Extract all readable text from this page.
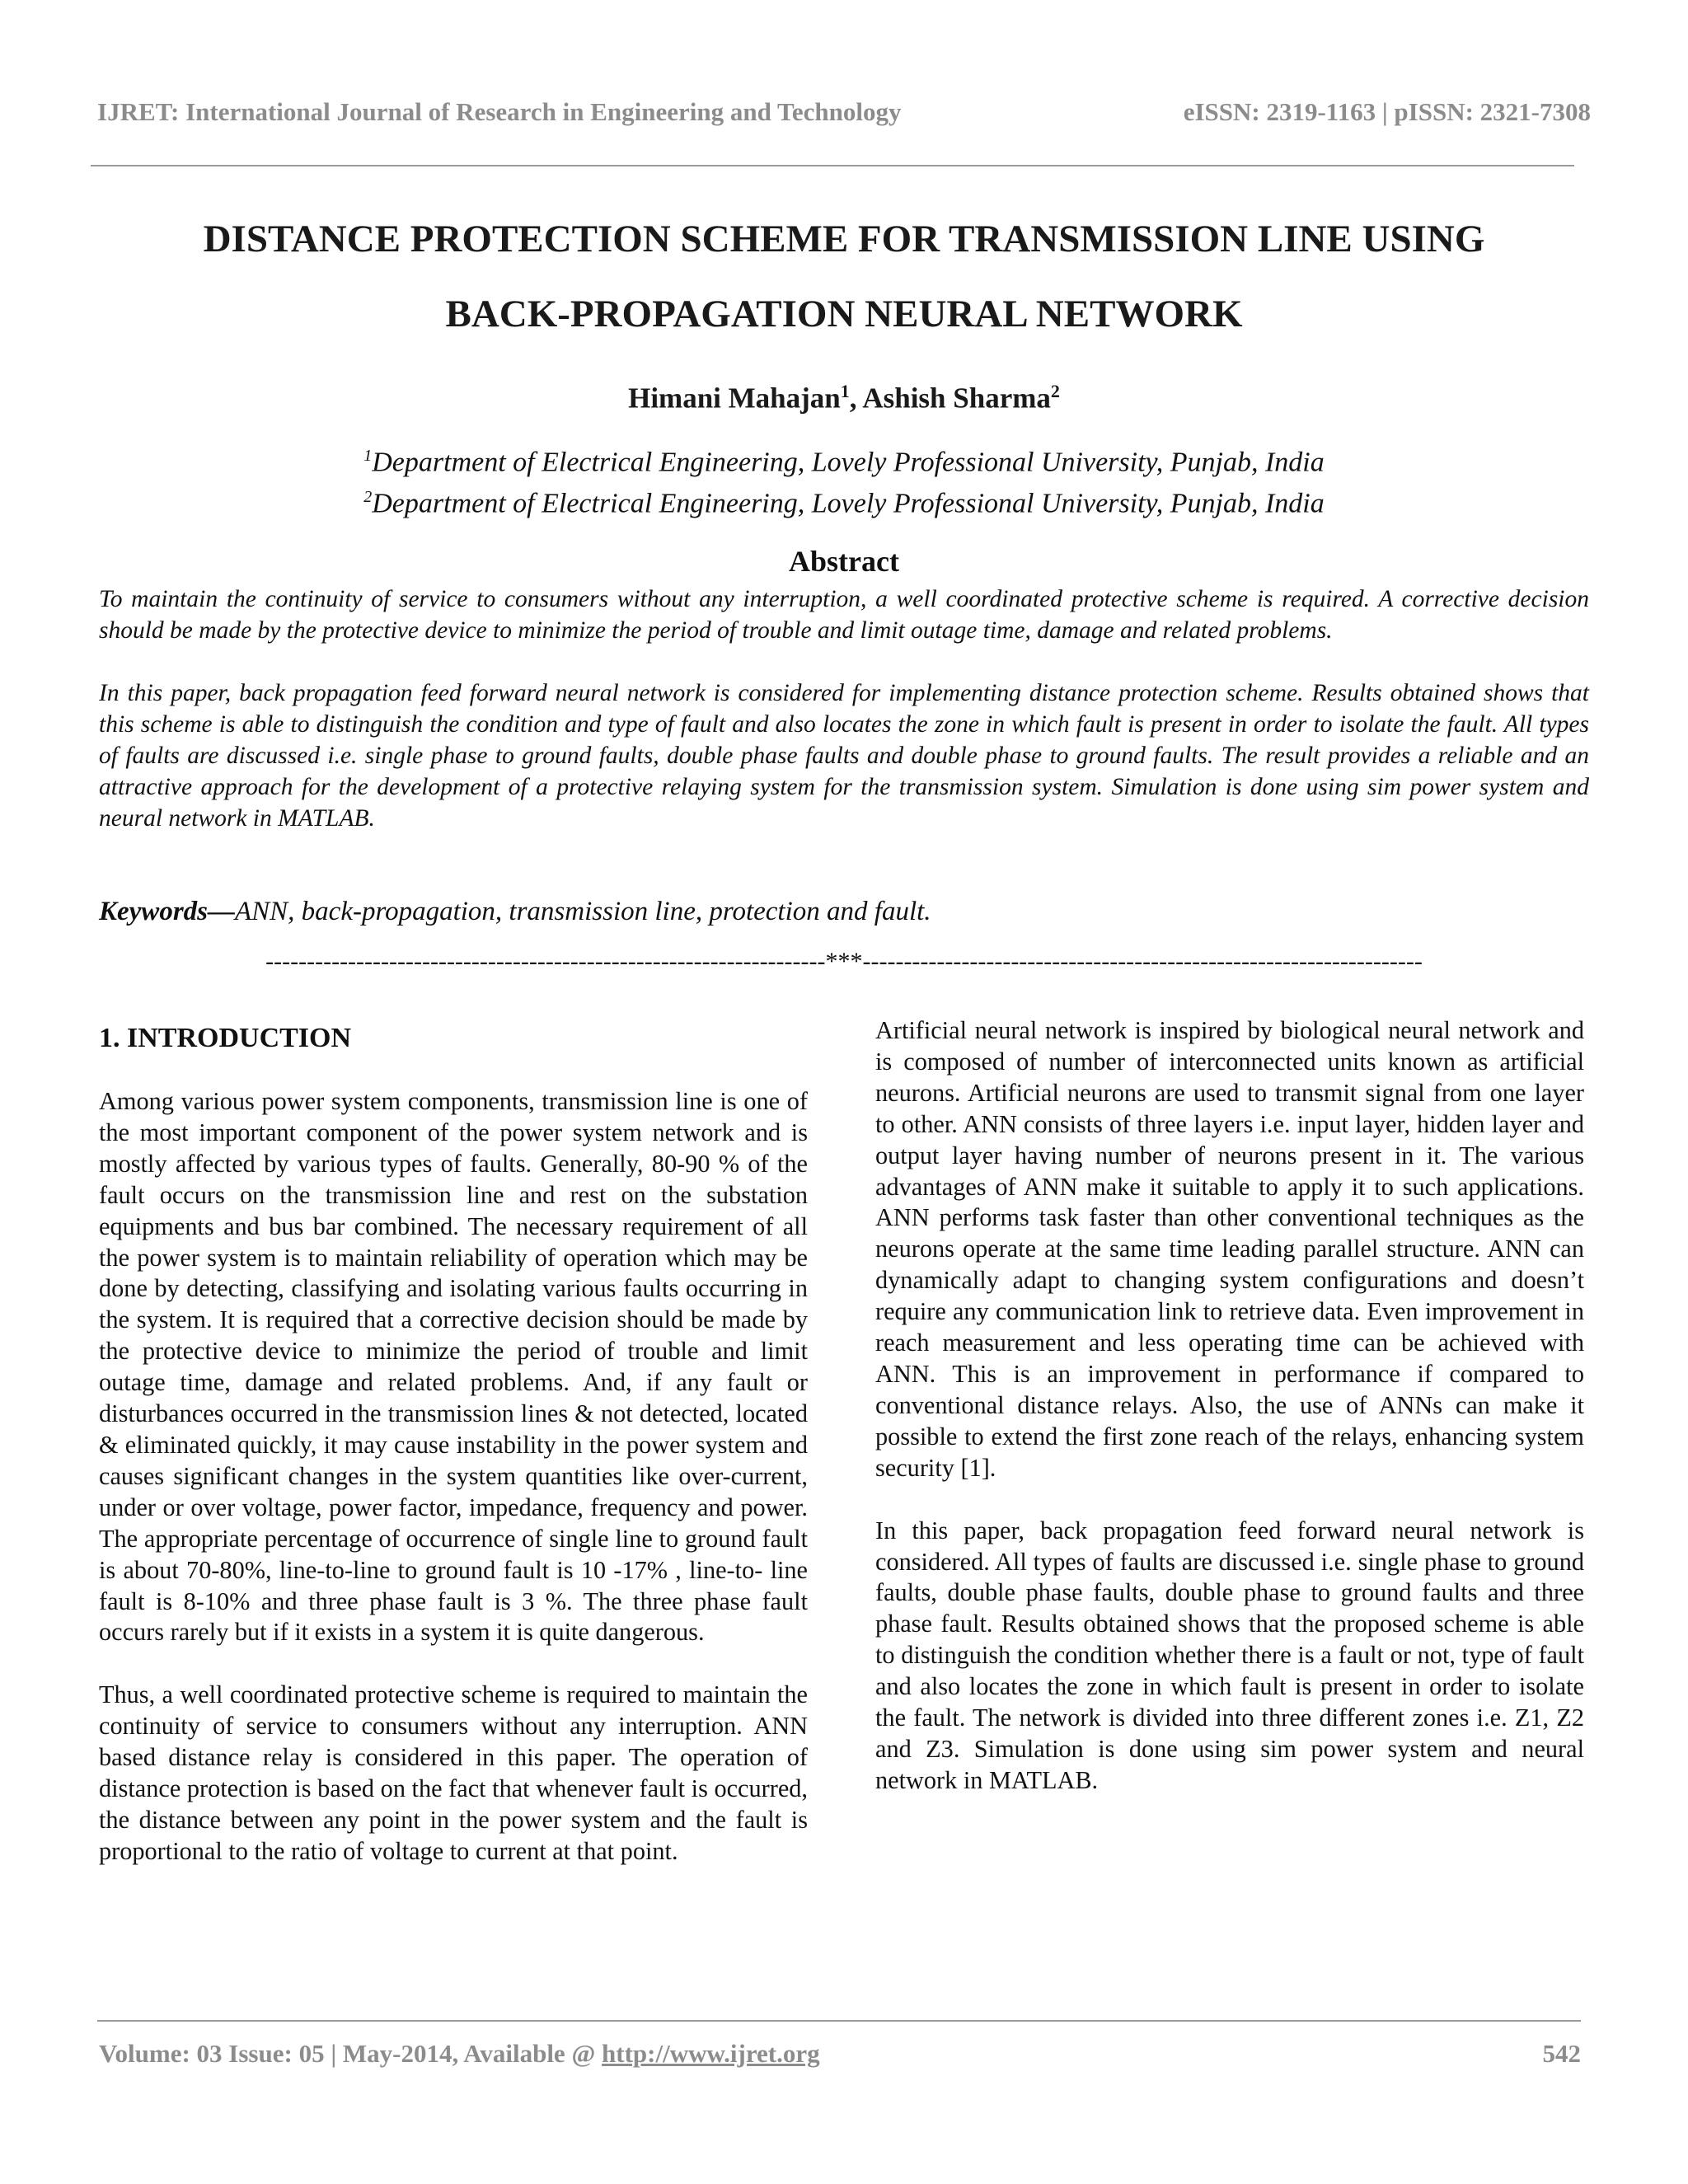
IJRET: International Journal of Research in Engineering and Technology	eISSN: 2319-1163 | pISSN: 2321-7308
DISTANCE PROTECTION SCHEME FOR TRANSMISSION LINE USING
BACK-PROPAGATION NEURAL NETWORK
Himani Mahajan$^1$, Ashish Sharma$^2$
$^1$Department of Electrical Engineering, Lovely Professional University, Punjab, India
$^2$Department of Electrical Engineering, Lovely Professional University, Punjab, India
Abstract

To maintain the continuity of service to consumers without any interruption, a well coordinated protective scheme is required. A corrective decision should be made by the protective device to minimize the period of trouble and limit outage time, damage and related problems.

In this paper, back propagation feed forward neural network is considered for implementing distance protection scheme. Results obtained shows that this scheme is able to distinguish the condition and type of fault and also locates the zone in which fault is present in order to isolate the fault. All types of faults are discussed i.e. single phase to ground faults, double phase faults and double phase to ground faults. The result provides a reliable and an attractive approach for the development of a protective relaying system for the transmission system. Simulation is done using sim power system and neural network in MATLAB.

Keywords—ANN, back-propagation, transmission line, protection and fault.
--------------------------------------------------------------------***--------------------------------------------------------------------

1. INTRODUCTION

Among various power system components, transmission line is one of the most important component of the power system network and is mostly affected by various types of faults. Generally, 80-90 % of the fault occurs on the transmission line and rest on the substation equipments and bus bar combined. The necessary requirement of all the power system is to maintain reliability of operation which may be done by detecting, classifying and isolating various faults occurring in the system. It is required that a corrective decision should be made by the protective device to minimize the period of trouble and limit outage time, damage and related problems. And, if any fault or disturbances occurred in the transmission lines & not detected, located & eliminated quickly, it may cause instability in the power system and causes significant changes in the system quantities like over-current, under or over voltage, power factor, impedance, frequency and power. The appropriate percentage of occurrence of single line to ground fault is about 70-80%, line-to-line to ground fault is 10 -17% , line-to- line fault is 8-10% and three phase fault is 3 %. The three phase fault occurs rarely but if it exists in a system it is quite dangerous.

Thus, a well coordinated protective scheme is required to maintain the continuity of service to consumers without any interruption. ANN based distance relay is considered in this paper. The operation of distance protection is based on the fact that whenever fault is occurred, the distance between any point in the power system and the fault is proportional to the ratio of voltage to current at that point.

Artificial neural network is inspired by biological neural network and is composed of number of interconnected units known as artificial neurons. Artificial neurons are used to transmit signal from one layer to other. ANN consists of three layers i.e. input layer, hidden layer and output layer having number of neurons present in it. The various advantages of ANN make it suitable to apply it to such applications. ANN performs task faster than other conventional techniques as the neurons operate at the same time leading parallel structure. ANN can dynamically adapt to changing system configurations and doesn’t require any communication link to retrieve data. Even improvement in reach measurement and less operating time can be achieved with ANN. This is an improvement in performance if compared to conventional distance relays. Also, the use of ANNs can make it possible to extend the first zone reach of the relays, enhancing system security [1].

In this paper, back propagation feed forward neural network is considered. All types of faults are discussed i.e. single phase to ground faults, double phase faults, double phase to ground faults and three phase fault. Results obtained shows that the proposed scheme is able to distinguish the condition whether there is a fault or not, type of fault and also locates the zone in which fault is present in order to isolate the fault. The network is divided into three different zones i.e. Z1, Z2 and Z3. Simulation is done using sim power system and neural network in MATLAB.

Volume: 03 Issue: 05 | May-2014, Available @ http://www.ijret.org	542
